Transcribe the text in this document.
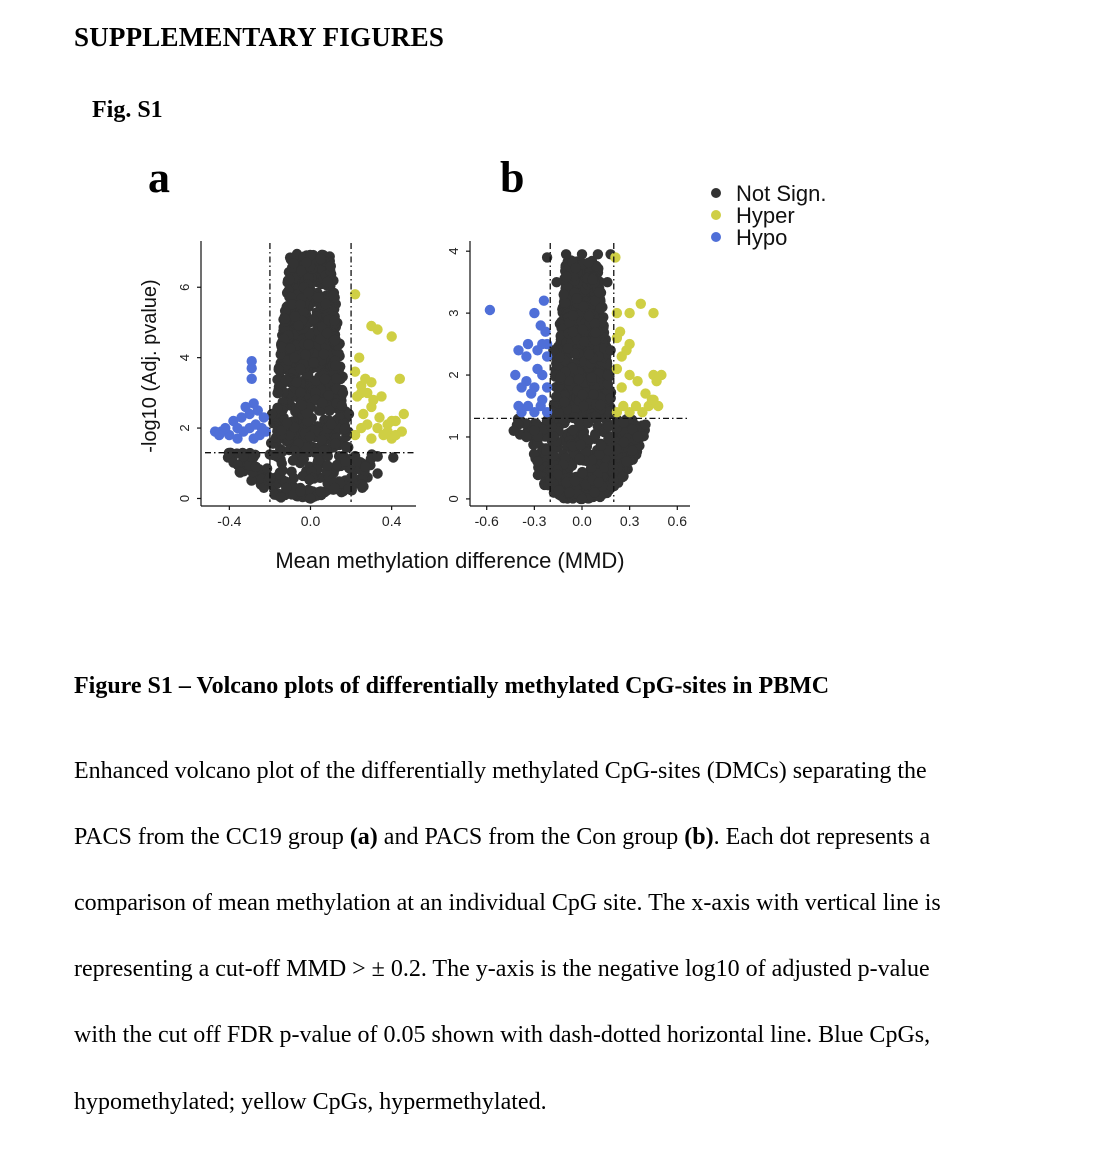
SUPPLEMENTARY FIGURES
Fig. S1
a	b
-log10 (Adj. pvalue)
0
2
4
6
-0.4	0.0	0.4
0
1
2
3
4
-0.6 -0.3 0.0 0.3 0.6
Mean methylation difference (MMD)
Not Sign.
Hyper
Hypo
Figure S1 – Volcano plots of differentially methylated CpG-sites in PBMC
Enhanced volcano plot of the differentially methylated CpG-sites (DMCs) separating the
PACS from the CC19 group (a) and PACS from the Con group (b). Each dot represents a
comparison of mean methylation at an individual CpG site. The x-axis with vertical line is
representing a cut-off MMD > ± 0.2. The y-axis is the negative log10 of adjusted p-value
with the cut off FDR p-value of 0.05 shown with dash-dotted horizontal line. Blue CpGs,
hypomethylated; yellow CpGs, hypermethylated.
